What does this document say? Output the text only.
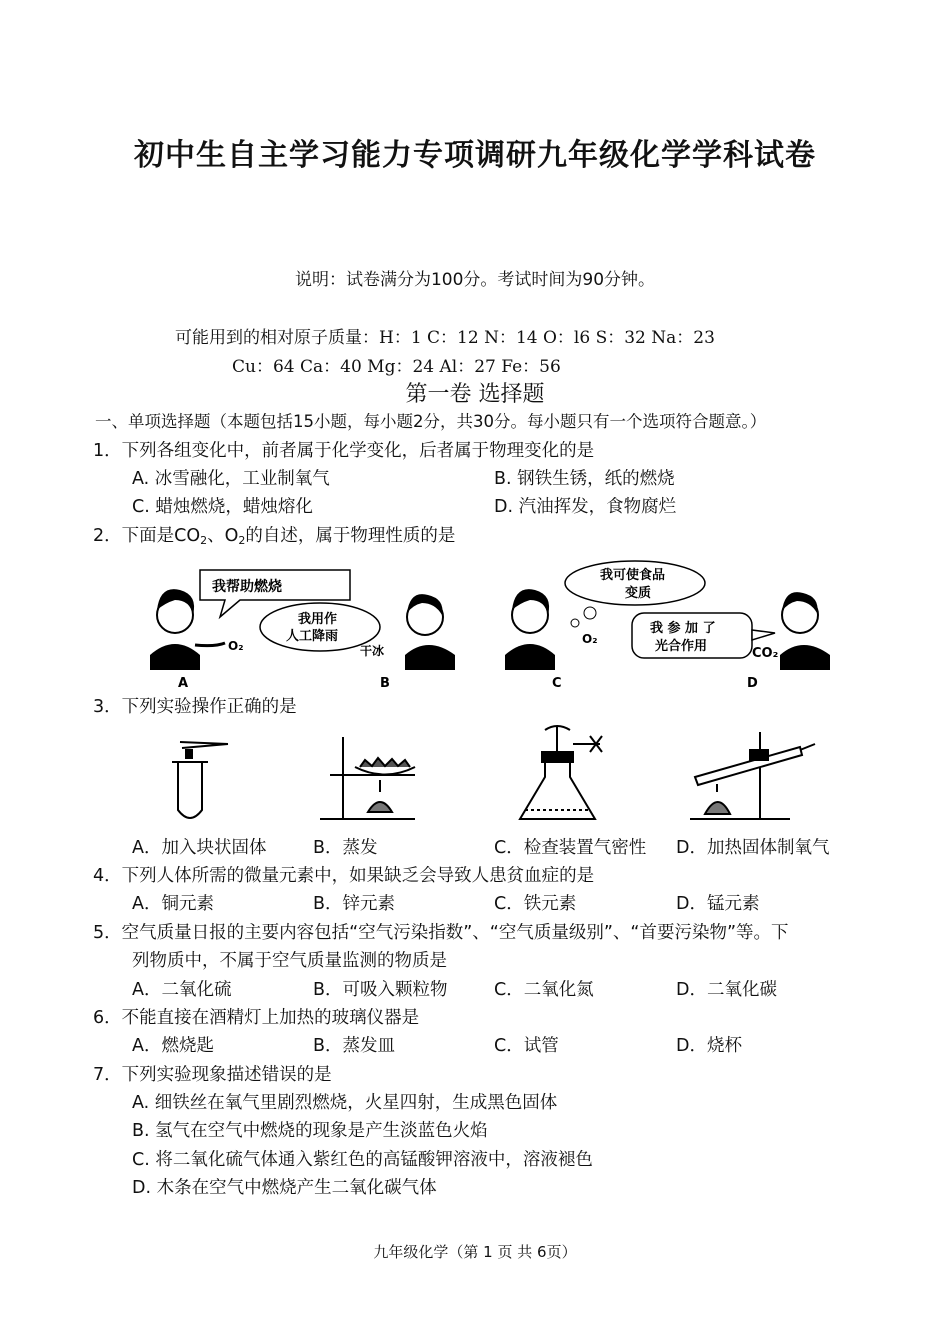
初中生自主学习能力专项调研九年级化学学科试卷
说明：试卷满分为100分。考试时间为90分钟。
可能用到的相对原子质量：H：1 C：12 N：14 O：l6 S：32 Na：23
Cu：64 Ca：40 Mg：24 Al：27 Fe：56
第一卷 选择题
一、单项选择题（本题包括15小题，每小题2分，共30分。每小题只有一个选项符合题意。）
1．下列各组变化中，前者属于化学变化，后者属于物理变化的是
A. 冰雪融化，工业制氧气	B. 钢铁生锈，纸的燃烧
C. 蜡烛燃烧，蜡烛熔化	D. 汽油挥发，食物腐烂
2．下面是$CO_2$、$O_2$的自述，属于物理性质的是
我帮助燃烧
O₂
A
我用作
人工降雨
干冰
B
我可使食品
变质
O₂
C
我 参 加 了
光合作用	CO₂
D
3．下列实验操作正确的是
A．加入块状固体	B．蒸发	C．检查装置气密性 D．加热固体制氧气
4．下列人体所需的微量元素中，如果缺乏会导致人患贫血症的是
A．铜元素	B．锌元素	C．铁元素	D．锰元素
5．空气质量日报的主要内容包括“空气污染指数”、“空气质量级别”、“首要污染物”等。下
列物质中，不属于空气质量监测的物质是
A．二氧化硫	B．可吸入颗粒物	C．二氧化氮	D．二氧化碳
6．不能直接在酒精灯上加热的玻璃仪器是
A．燃烧匙	B．蒸发皿	C．试管	D．烧杯
7．下列实验现象描述错误的是
A. 细铁丝在氧气里剧烈燃烧，火星四射，生成黑色固体
B. 氢气在空气中燃烧的现象是产生淡蓝色火焰
C. 将二氧化硫气体通入紫红色的高锰酸钾溶液中，溶液褪色
D. 木条在空气中燃烧产生二氧化碳气体
九年级化学（第 1 页 共 6页）
